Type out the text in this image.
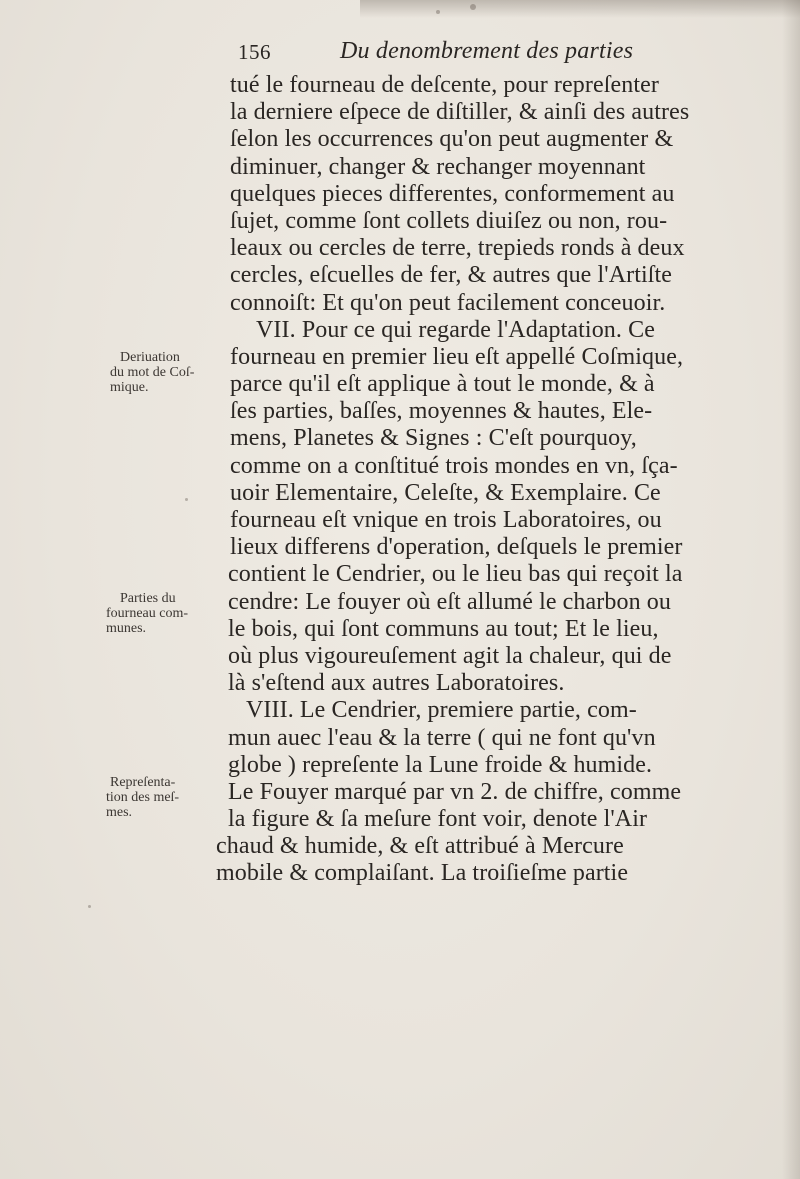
156	Du denombrement des parties
tué le fourneau de deſcente, pour repreſenter
la derniere eſpece de diſtiller, & ainſi des autres
ſelon les occurrences qu'on peut augmenter &
diminuer, changer & rechanger moyennant
quelques pieces differentes, conformement au
ſujet, comme ſont collets diuiſez ou non, rou-
leaux ou cercles de terre, trepieds ronds à deux
cercles, eſcuelles de fer, & autres que l'Artiſte
connoiſt: Et qu'on peut facilement conceuoir.
VII. Pour ce qui regarde l'Adaptation. Ce
fourneau en premier lieu eſt appellé Coſmique,
parce qu'il eſt applique à tout le monde, & à
ſes parties, baſſes, moyennes & hautes, Ele-
mens, Planetes & Signes : C'eſt pourquoy,
comme on a conſtitué trois mondes en vn, ſça-
uoir Elementaire, Celeſte, & Exemplaire. Ce
fourneau eſt vnique en trois Laboratoires, ou
lieux differens d'operation, deſquels le premier
contient le Cendrier, ou le lieu bas qui reçoit la
cendre: Le fouyer où eſt allumé le charbon ou
le bois, qui ſont communs au tout; Et le lieu,
où plus vigoureuſement agit la chaleur, qui de
là s'eſtend aux autres Laboratoires.
VIII. Le Cendrier, premiere partie, com-
mun auec l'eau & la terre ( qui ne font qu'vn
globe ) repreſente la Lune froide & humide.
Le Fouyer marqué par vn 2. de chiffre, comme
la figure & ſa meſure font voir, denote l'Air
chaud & humide, & eſt attribué à Mercure
mobile & complaiſant. La troiſieſme partie
Deriuation
du mot de Coſ-
mique.
Parties du
fourneau com-
munes.
Repreſenta-
tion des meſ-
mes.
